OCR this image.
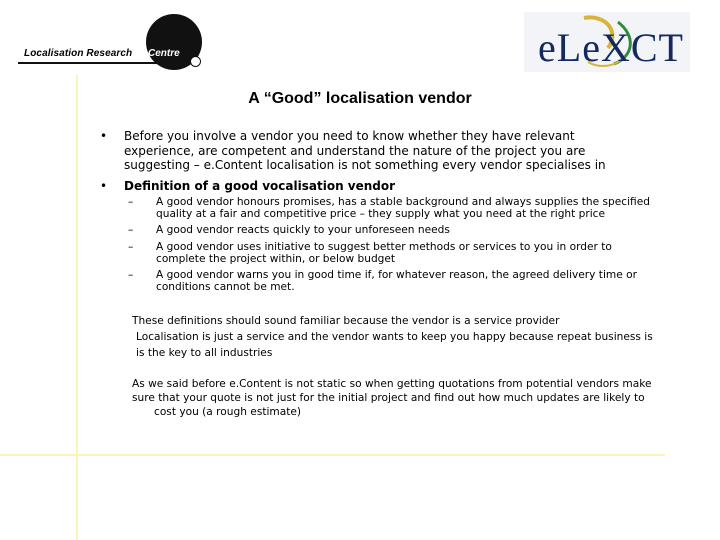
Localisation Research Centre	eLeXCT
A “Good” localisation vendor
• Before you involve a vendor you need to know whether they have relevant experience, are competent and understand the nature of the project you are suggesting – e.Content localisation is not something every vendor specialises in
• Definition of a good vocalisation vendor
– A good vendor honours promises, has a stable background and always supplies the specified quality at a fair and competitive price – they supply what you need at the right price
– A good vendor reacts quickly to your unforeseen needs
– A good vendor uses initiative to suggest better methods or services to you in order to complete the project within, or below budget
– A good vendor warns you in good time if, for whatever reason, the agreed delivery time or conditions cannot be met.
These definitions should sound familiar because the vendor is a service provider
Localisation is just a service and the vendor wants to keep you happy because repeat business is is the key to all industries
As we said before e.Content is not static so when getting quotations from potential vendors make sure that your quote is not just for the initial project and find out how much updates are likely to
cost you (a rough estimate)
